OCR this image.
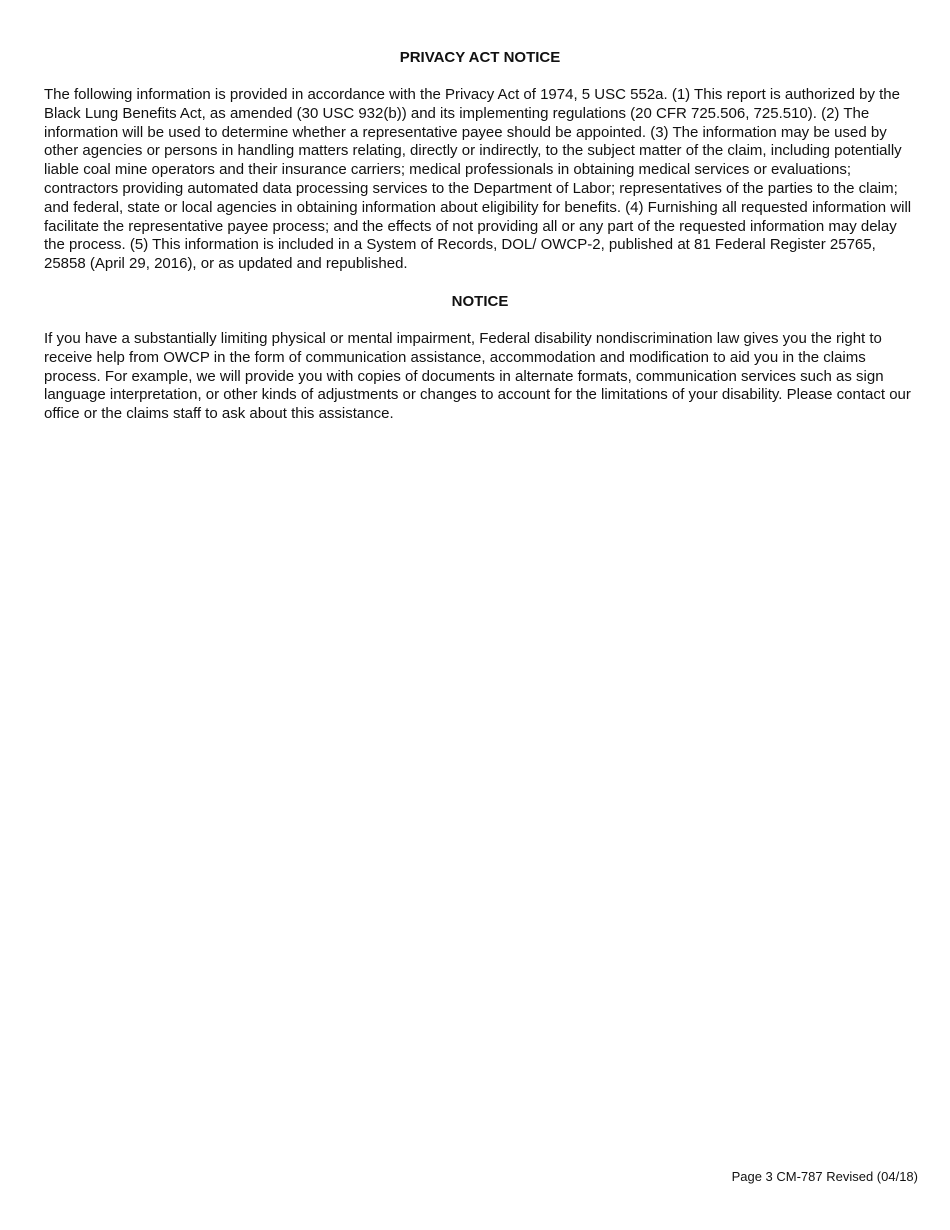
PRIVACY ACT NOTICE

The following information is provided in accordance with the Privacy Act of 1974, 5 USC 552a. (1) This report is authorized by the Black Lung Benefits Act, as amended (30 USC 932(b)) and its implementing regulations (20 CFR 725.506, 725.510). (2) The information will be used to determine whether a representative payee should be appointed. (3) The information may be used by other agencies or persons in handling matters relating, directly or indirectly, to the subject matter of the claim, including potentially liable coal mine operators and their insurance carriers; medical professionals in obtaining medical services or evaluations; contractors providing automated data processing services to the Department of Labor; representatives of the parties to the claim; and federal, state or local agencies in obtaining information about eligibility for benefits. (4) Furnishing all requested information will facilitate the representative payee process; and the effects of not providing all or any part of the requested information may delay the process. (5) This information is included in a System of Records, DOL/ OWCP-2, published at 81 Federal Register 25765, 25858 (April 29, 2016), or as updated and republished.

NOTICE

If you have a substantially limiting physical or mental impairment, Federal disability nondiscrimination law gives you the right to receive help from OWCP in the form of communication assistance, accommodation and modification to aid you in the claims process. For example, we will provide you with copies of documents in alternate formats, communication services such as sign language interpretation, or other kinds of adjustments or changes to account for the limitations of your disability. Please contact our office or the claims staff to ask about this assistance.

Page 3 CM-787 Revised (04/18)
